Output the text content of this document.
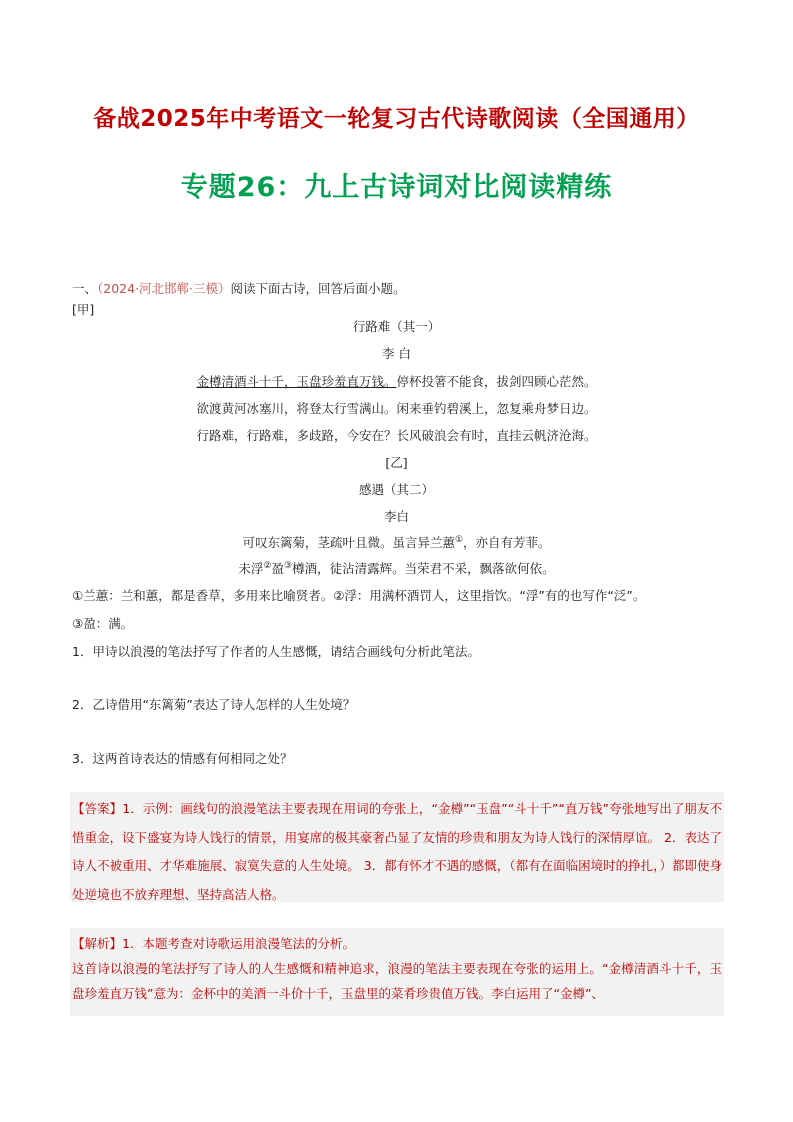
备战2025年中考语文一轮复习古代诗歌阅读（全国通用）
专题26：九上古诗词对比阅读精练
一、（2024·河北邯郸·三模）阅读下面古诗，回答后面小题。
[甲]
行路难（其一）
李 白
金樽清酒斗十千，玉盘珍羞直万钱。停杯投箸不能食，拔剑四顾心茫然。
欲渡黄河冰塞川，将登太行雪满山。闲来垂钓碧溪上，忽复乘舟梦日边。
行路难，行路难，多歧路，今安在？长风破浪会有时，直挂云帆济沧海。
[乙]
感遇（其二）
李白
可叹东篱菊，茎疏叶且微。虽言异兰蕙①，亦自有芳菲。
未浮②盈③樽酒，徒沾清露辉。当荣君不采，飘落欲何依。
①兰蕙：兰和蕙，都是香草，多用来比喻贤者。②浮：用满杯酒罚人，这里指饮。“浮”有的也写作“泛”。
③盈：满。
1．甲诗以浪漫的笔法抒写了作者的人生感慨，请结合画线句分析此笔法。
2．乙诗借用“东篱菊”表达了诗人怎样的人生处境？
3．这两首诗表达的情感有何相同之处？
【答案】1．示例：画线句的浪漫笔法主要表现在用词的夸张上，“金樽”“玉盘”“斗十千”“直万钱”夸张地写出了朋友不惜重金，设下盛宴为诗人饯行的情景，用宴席的极其豪奢凸显了友情的珍贵和朋友为诗人饯行的深情厚谊。 2．表达了诗人不被重用、才华难施展、寂寞失意的人生处境。 3．都有怀才不遇的感慨，（都有在面临困境时的挣扎，）都即使身处逆境也不放弃理想、坚持高洁人格。
【解析】1．本题考查对诗歌运用浪漫笔法的分析。
这首诗以浪漫的笔法抒写了诗人的人生感慨和精神追求，浪漫的笔法主要表现在夸张的运用上。“金樽清酒斗十千，玉盘珍羞直万钱”意为：金杯中的美酒一斗价十千，玉盘里的菜肴珍贵值万钱。李白运用了“金樽”、
